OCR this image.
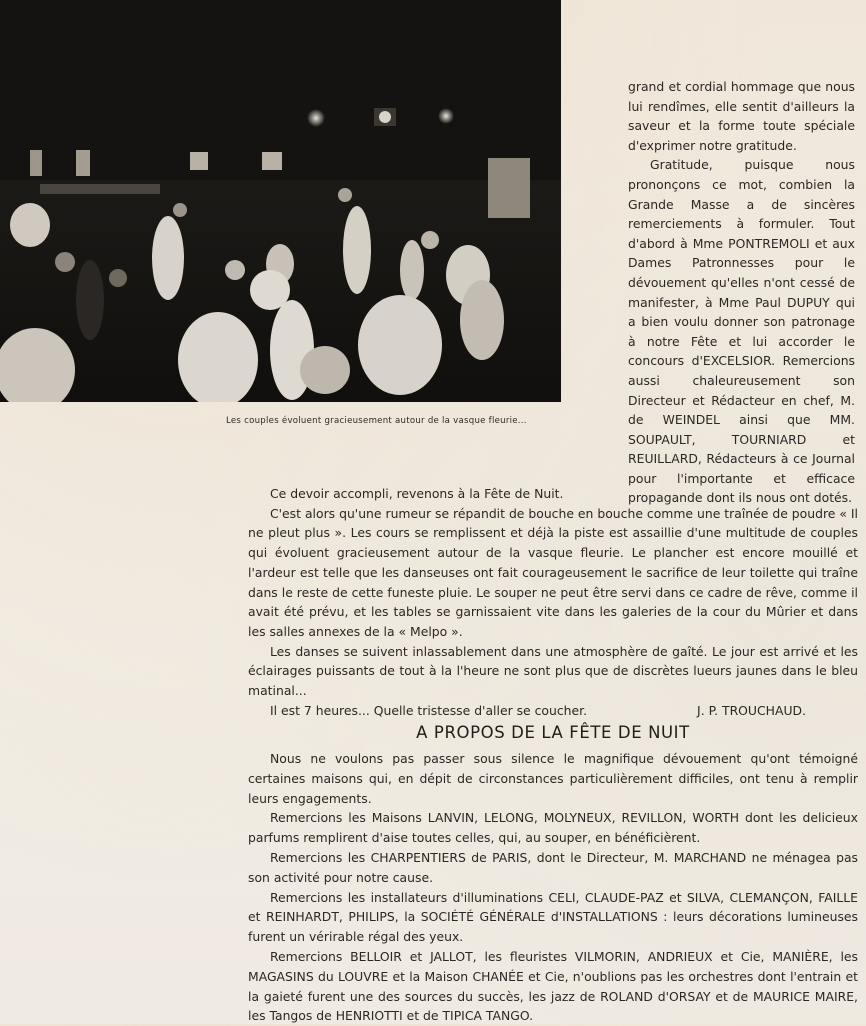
Les couples évoluent gracieusement autour de la vasque fleurie...

grand et cordial hommage que nous lui rendîmes, elle sentit d'ailleurs la saveur et la forme toute spéciale d'exprimer notre gratitude.

Gratitude, puisque nous prononçons ce mot, combien la Grande Masse a de sincères remerciements à formuler. Tout d'abord à Mme PONTREMOLI et aux Dames Patronnesses pour le dévouement qu'elles n'ont cessé de manifester, à Mme Paul DUPUY qui a bien voulu donner son patronage à notre Fête et lui accorder le concours d'EXCELSIOR. Remercions aussi chaleureusement son Directeur et Rédacteur en chef, M. de WEINDEL ainsi que MM. SOUPAULT, TOURNIARD et REUILLARD, Rédacteurs à ce Journal pour l'importante et efficace propagande dont ils nous ont dotés.

Ce devoir accompli, revenons à la Fête de Nuit.

C'est alors qu'une rumeur se répandit de bouche en bouche comme une traînée de poudre « Il ne pleut plus ». Les cours se remplissent et déjà la piste est assaillie d'une multitude de couples qui évoluent gracieusement autour de la vasque fleurie. Le plancher est encore mouillé et l'ardeur est telle que les danseuses ont fait courageusement le sacrifice de leur toilette qui traîne dans le reste de cette funeste pluie. Le souper ne peut être servi dans ce cadre de rêve, comme il avait été prévu, et les tables se garnissaient vite dans les galeries de la cour du Mûrier et dans les salles annexes de la « Melpo ».

Les danses se suivent inlassablement dans une atmosphère de gaîté. Le jour est arrivé et les éclairages puissants de tout à la l'heure ne sont plus que de discrètes lueurs jaunes dans le bleu matinal...

Il est 7 heures... Quelle tristesse d'aller se coucher.	J. P. TROUCHAUD.
A PROPOS DE LA FÊTE DE NUIT

Nous ne voulons pas passer sous silence le magnifique dévouement qu'ont témoigné certaines maisons qui, en dépit de circonstances particulièrement difficiles, ont tenu à remplir leurs engagements.

Remercions les Maisons LANVIN, LELONG, MOLYNEUX, REVILLON, WORTH dont les delicieux parfums remplirent d'aise toutes celles, qui, au souper, en bénéficièrent.

Remercions les CHARPENTIERS de PARIS, dont le Directeur, M. MARCHAND ne ménagea pas son activité pour notre cause.

Remercions les installateurs d'illuminations CELI, CLAUDE-PAZ et SILVA, CLEMANÇON, FAILLE et REINHARDT, PHILIPS, la SOCIÉTÉ GÉNÉRALE d'INSTALLATIONS : leurs décorations lumineuses furent un vérirable régal des yeux.

Remercions BELLOIR et JALLOT, les fleuristes VILMORIN, ANDRIEUX et Cie, MANIÈRE, les MAGASINS du LOUVRE et la Maison CHANÉE et Cie, n'oublions pas les orchestres dont l'entrain et la gaieté furent une des sources du succès, les jazz de ROLAND d'ORSAY et de MAURICE MAIRE, les Tangos de HENRIOTTI et de TIPICA TANGO.
